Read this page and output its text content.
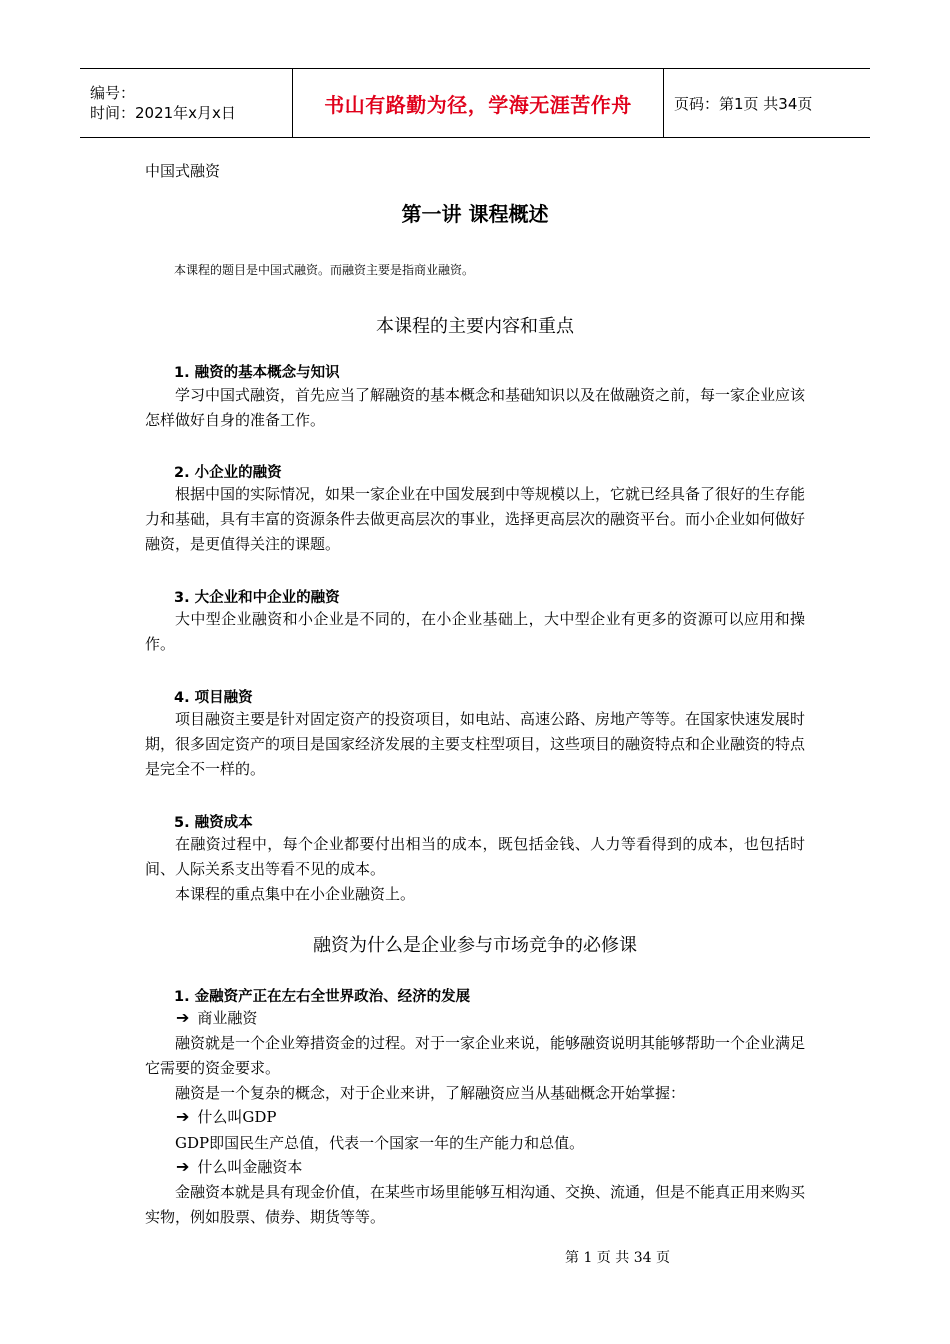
编号：
时间：2021年x月x日	书山有路勤为径，学海无涯苦作舟	页码：第1页 共34页
中国式融资
第一讲 课程概述
本课程的题目是中国式融资。而融资主要是指商业融资。
本课程的主要内容和重点
1. 融资的基本概念与知识
学习中国式融资，首先应当了解融资的基本概念和基础知识以及在做融资之前，每一家企业应该怎样做好自身的准备工作。
2. 小企业的融资
根据中国的实际情况，如果一家企业在中国发展到中等规模以上，它就已经具备了很好的生存能力和基础，具有丰富的资源条件去做更高层次的事业，选择更高层次的融资平台。而小企业如何做好融资，是更值得关注的课题。
3. 大企业和中企业的融资
大中型企业融资和小企业是不同的，在小企业基础上，大中型企业有更多的资源可以应用和操作。
4. 项目融资
项目融资主要是针对固定资产的投资项目，如电站、高速公路、房地产等等。在国家快速发展时期，很多固定资产的项目是国家经济发展的主要支柱型项目，这些项目的融资特点和企业融资的特点是完全不一样的。
5. 融资成本
在融资过程中，每个企业都要付出相当的成本，既包括金钱、人力等看得到的成本，也包括时间、人际关系支出等看不见的成本。
本课程的重点集中在小企业融资上。
融资为什么是企业参与市场竞争的必修课
1. 金融资产正在左右全世界政治、经济的发展
➔ 商业融资
融资就是一个企业筹措资金的过程。对于一家企业来说，能够融资说明其能够帮助一个企业满足它需要的资金要求。
融资是一个复杂的概念，对于企业来讲，了解融资应当从基础概念开始掌握：
➔ 什么叫GDP
GDP即国民生产总值，代表一个国家一年的生产能力和总值。
➔ 什么叫金融资本
金融资本就是具有现金价值，在某些市场里能够互相沟通、交换、流通，但是不能真正用来购买实物，例如股票、债券、期货等等。
第 1 页 共 34 页
